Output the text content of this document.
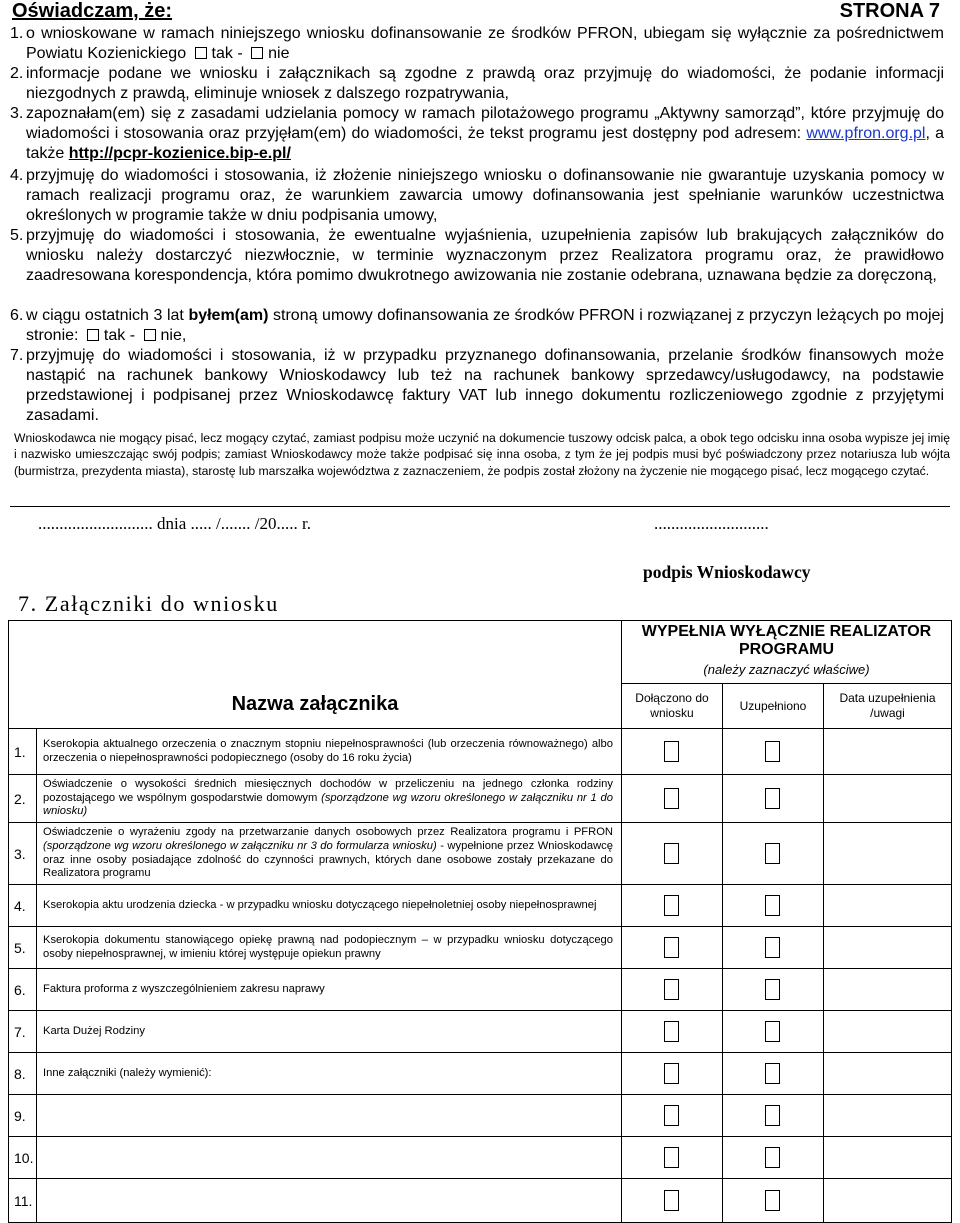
Oświadczam, że:	STRONA 7
1. o wnioskowane w ramach niniejszego wniosku dofinansowanie ze środków PFRON, ubiegam się wyłącznie za pośrednictwem Powiatu Kozienickiego tak - nie
2. informacje podane we wniosku i załącznikach są zgodne z prawdą oraz przyjmuję do wiadomości, że podanie informacji niezgodnych z prawdą, eliminuje wniosek z dalszego rozpatrywania,
3. zapoznałam(em) się z zasadami udzielania pomocy w ramach pilotażowego programu „Aktywny samorząd”, które przyjmuję do wiadomości i stosowania oraz przyjęłam(em) do wiadomości, że tekst programu jest dostępny pod adresem: www.pfron.org.pl, a także http://pcpr-kozienice.bip-e.pl/
4. przyjmuję do wiadomości i stosowania, iż złożenie niniejszego wniosku o dofinansowanie nie gwarantuje uzyskania pomocy w ramach realizacji programu oraz, że warunkiem zawarcia umowy dofinansowania jest spełnianie warunków uczestnictwa określonych w programie także w dniu podpisania umowy,
5. przyjmuję do wiadomości i stosowania, że ewentualne wyjaśnienia, uzupełnienia zapisów lub brakujących załączników do wniosku należy dostarczyć niezwłocznie, w terminie wyznaczonym przez Realizatora programu oraz, że prawidłowo zaadresowana korespondencja, która pomimo dwukrotnego awizowania nie zostanie odebrana, uznawana będzie za doręczoną,
6. w ciągu ostatnich 3 lat byłem(am) stroną umowy dofinansowania ze środków PFRON i rozwiązanej z przyczyn leżących po mojej stronie: tak - nie,
7. przyjmuję do wiadomości i stosowania, iż w przypadku przyznanego dofinansowania, przelanie środków finansowych może nastąpić na rachunek bankowy Wnioskodawcy lub też na rachunek bankowy sprzedawcy/usługodawcy, na podstawie przedstawionej i podpisanej przez Wnioskodawcę faktury VAT lub innego dokumentu rozliczeniowego zgodnie z przyjętymi zasadami.
Wnioskodawca nie mogący pisać, lecz mogący czytać, zamiast podpisu może uczynić na dokumencie tuszowy odcisk palca, a obok tego odcisku inna osoba wypisze jej imię i nazwisko umieszczając swój podpis; zamiast Wnioskodawcy może także podpisać się inna osoba, z tym że jej podpis musi być poświadczony przez notariusza lub wójta (burmistrza, prezydenta miasta), starostę lub marszałka województwa z zaznaczeniem, że podpis został złożony na życzenie nie mogącego pisać, lecz mogącego czytać.
........................... dnia ..... /....... /20..... r.	...........................
podpis Wnioskodawcy
7. Załączniki do wniosku
Nazwa załącznika		WYPEŁNIA WYŁĄCZNIE REALIZATOR PROGRAMU
(należy zaznaczyć właściwe)		

		Dołączono do wniosku	Uzupełniono	Data uzupełnienia /uwagi
1.	Kserokopia aktualnego orzeczenia o znacznym stopniu niepełnosprawności (lub orzeczenia równoważnego) albo orzeczenia o niepełnosprawności podopiecznego (osoby do 16 roku życia)			
2.	Oświadczenie o wysokości średnich miesięcznych dochodów w przeliczeniu na jednego członka rodziny pozostającego we wspólnym gospodarstwie domowym (sporządzone wg wzoru określonego w załączniku nr 1 do wniosku)			
3.	Oświadczenie o wyrażeniu zgody na przetwarzanie danych osobowych przez Realizatora programu i PFRON (sporządzone wg wzoru określonego w załączniku nr 3 do formularza wniosku) - wypełnione przez Wnioskodawcę oraz inne osoby posiadające zdolność do czynności prawnych, których dane osobowe zostały przekazane do Realizatora programu			
4.	Kserokopia aktu urodzenia dziecka - w przypadku wniosku dotyczącego niepełnoletniej osoby niepełnosprawnej			
5.	Kserokopia dokumentu stanowiącego opiekę prawną nad podopiecznym – w przypadku wniosku dotyczącego osoby niepełnosprawnej, w imieniu której występuje opiekun prawny			
6.	Faktura proforma z wyszczególnieniem zakresu naprawy			
7.	Karta Dużej Rodziny			
8.	Inne załączniki (należy wymienić):			
9.				
10.				
11.				
